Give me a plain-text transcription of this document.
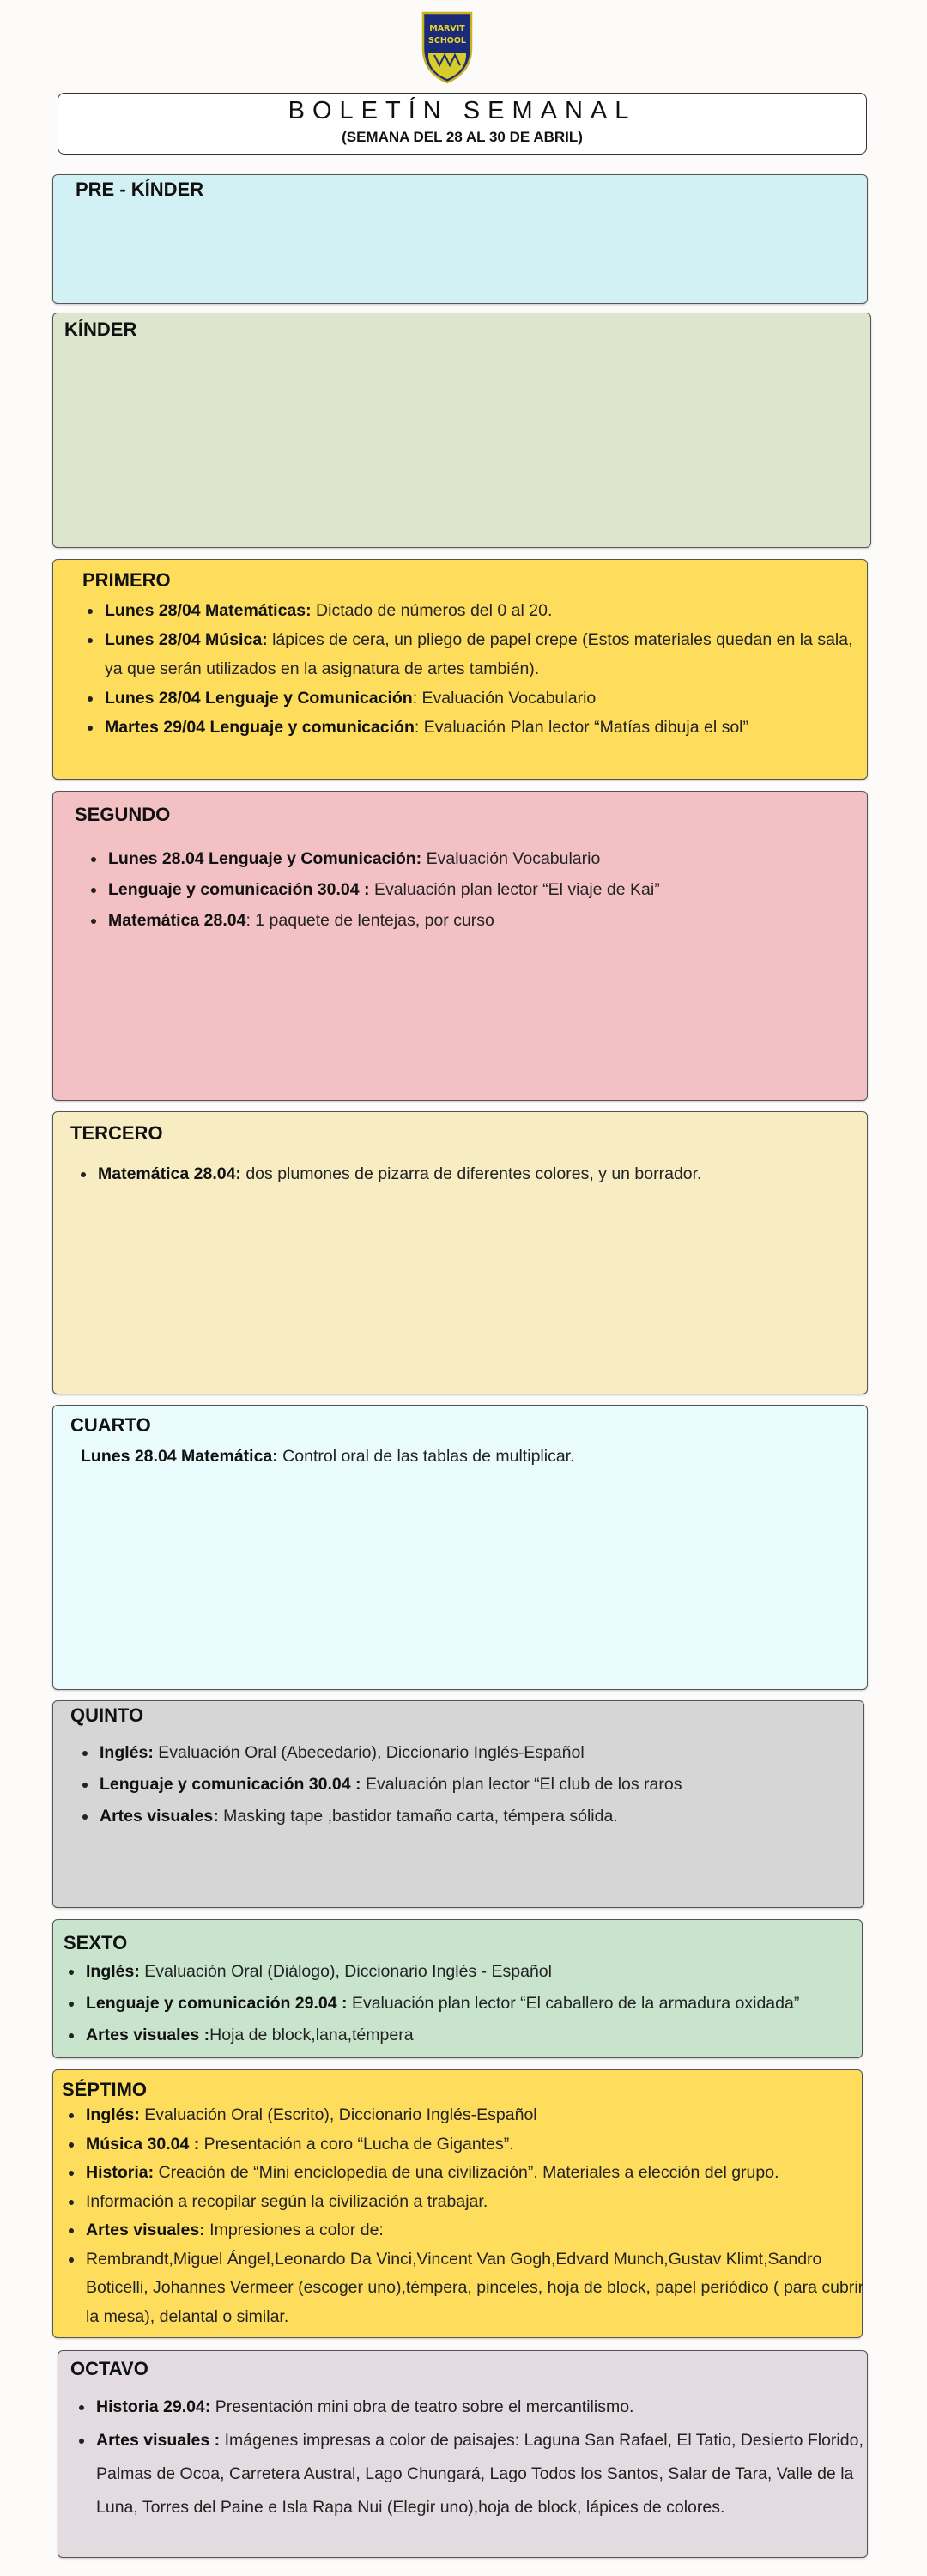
MARVIT
SCHOOL
BOLETÍN SEMANAL
(SEMANA DEL 28 AL 30 DE ABRIL)
PRE - KÍNDER
KÍNDER
PRIMERO
• Lunes 28/04 Matemáticas: Dictado de números del 0 al 20.
• Lunes 28/04 Música: lápices de cera, un pliego de papel crepe (Estos materiales quedan en la sala, ya que serán utilizados en la asignatura de artes también).
• Lunes 28/04 Lenguaje y Comunicación: Evaluación Vocabulario
• Martes 29/04 Lenguaje y comunicación: Evaluación Plan lector “Matías dibuja el sol”
SEGUNDO
• Lunes 28.04 Lenguaje y Comunicación: Evaluación Vocabulario
• Lenguaje y comunicación 30.04 : Evaluación plan lector “El viaje de Kai”
• Matemática 28.04: 1 paquete de lentejas, por curso
TERCERO
• Matemática 28.04: dos plumones de pizarra de diferentes colores, y un borrador.
CUARTO

Lunes 28.04 Matemática: Control oral de las tablas de multiplicar.

QUINTO
• Inglés: Evaluación Oral (Abecedario), Diccionario Inglés-Español
• Lenguaje y comunicación 30.04 : Evaluación plan lector “El club de los raros
• Artes visuales: Masking tape ,bastidor tamaño carta, témpera sólida.
SEXTO
• Inglés: Evaluación Oral (Diálogo), Diccionario Inglés - Español
• Lenguaje y comunicación 29.04 : Evaluación plan lector “El caballero de la armadura oxidada”
• Artes visuales :Hoja de block,lana,témpera
SÉPTIMO
• Inglés: Evaluación Oral (Escrito), Diccionario Inglés-Español
• Música 30.04 : Presentación a coro “Lucha de Gigantes”.
• Historia: Creación de “Mini enciclopedia de una civilización”. Materiales a elección del grupo.
• Información a recopilar según la civilización a trabajar.
• Artes visuales: Impresiones a color de:
• Rembrandt,Miguel Ángel,Leonardo Da Vinci,Vincent Van Gogh,Edvard Munch,Gustav Klimt,Sandro Boticelli, Johannes Vermeer (escoger uno),témpera, pinceles, hoja de block, papel periódico ( para cubrir la mesa), delantal o similar.
OCTAVO
• Historia 29.04: Presentación mini obra de teatro sobre el mercantilismo.
• Artes visuales : Imágenes impresas a color de paisajes: Laguna San Rafael, El Tatio, Desierto Florido, Palmas de Ocoa, Carretera Austral, Lago Chungará, Lago Todos los Santos, Salar de Tara, Valle de la Luna, Torres del Paine e Isla Rapa Nui (Elegir uno),hoja de block, lápices de colores.
